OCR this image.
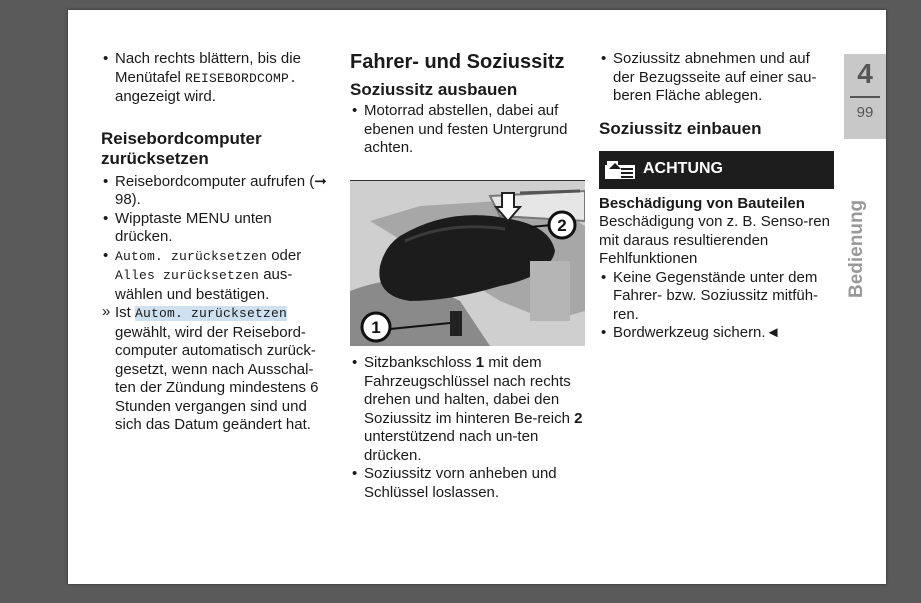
• Nach rechts blättern, bis die Menütafel REISEBORDCOMP. angezeigt wird.
Reisebordcomputer zurücksetzen
• Reisebordcomputer aufrufen (➞ 98).
• Wipptaste MENU unten drücken.
• Autom. zurücksetzen oder Alles zurücksetzen aus-wählen und bestätigen.
» Ist Autom. zurücksetzen gewählt, wird der Reisebord-computer automatisch zurück-gesetzt, wenn nach Ausschal-ten der Zündung mindestens 6 Stunden vergangen sind und sich das Datum geändert hat.
Fahrer- und Soziussitz
Soziussitz ausbauen
• Motorrad abstellen, dabei auf ebenen und festen Untergrund achten.
1
2
• Sitzbankschloss 1 mit dem Fahrzeugschlüssel nach rechts drehen und halten, dabei den Soziussitz im hinteren Be-reich 2 unterstützend nach un-ten drücken.
• Soziussitz vorn anheben und Schlüssel loslassen.
• Soziussitz abnehmen und auf der Bezugsseite auf einer sau-beren Fläche ablegen.
Soziussitz einbauen
ACHTUNG
Beschädigung von Bauteilen
Beschädigung von z. B. Senso-ren mit daraus resultierenden Fehlfunktionen
• Keine Gegenstände unter dem Fahrer- bzw. Soziussitz mitfüh-ren.
• Bordwerkzeug sichern.◄
4
99
Bedienung
